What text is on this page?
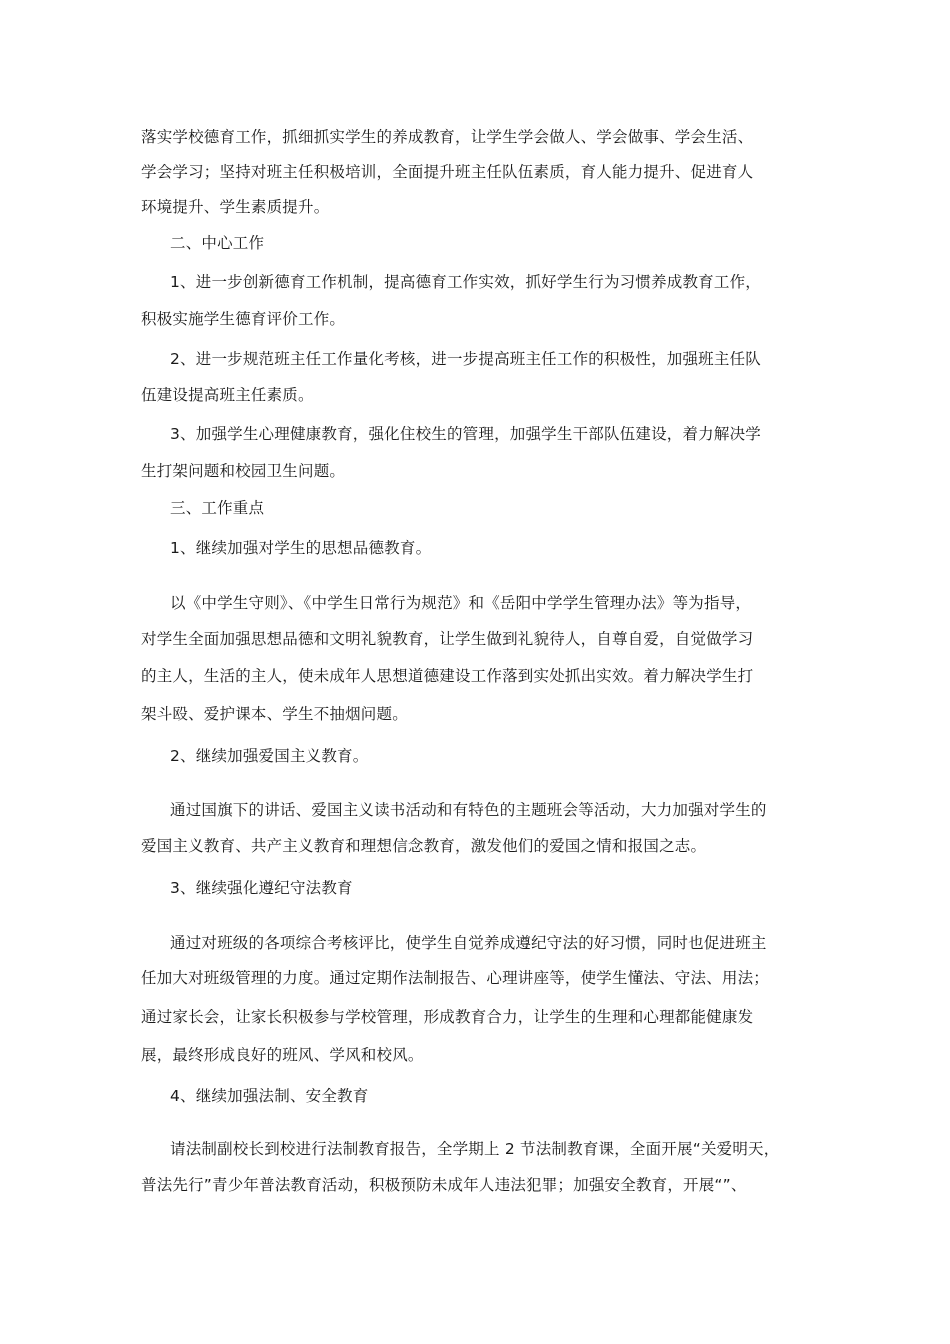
落实学校德育工作，抓细抓实学生的养成教育，让学生学会做人、学会做事、学会生活、
学会学习；坚持对班主任积极培训，全面提升班主任队伍素质，育人能力提升、促进育人
环境提升、学生素质提升。
二、中心工作
1、进一步创新德育工作机制，提高德育工作实效，抓好学生行为习惯养成教育工作，
积极实施学生德育评价工作。
2、进一步规范班主任工作量化考核，进一步提高班主任工作的积极性，加强班主任队
伍建设提高班主任素质。
3、加强学生心理健康教育，强化住校生的管理，加强学生干部队伍建设，着力解决学
生打架问题和校园卫生问题。
三、工作重点
1、继续加强对学生的思想品德教育。
以《中学生守则》、《中学生日常行为规范》和《岳阳中学学生管理办法》等为指导，
对学生全面加强思想品德和文明礼貌教育，让学生做到礼貌待人，自尊自爱，自觉做学习
的主人，生活的主人，使未成年人思想道德建设工作落到实处抓出实效。着力解决学生打
架斗殴、爱护课本、学生不抽烟问题。
2、继续加强爱国主义教育。
通过国旗下的讲话、爱国主义读书活动和有特色的主题班会等活动，大力加强对学生的
爱国主义教育、共产主义教育和理想信念教育，激发他们的爱国之情和报国之志。
3、继续强化遵纪守法教育
通过对班级的各项综合考核评比，使学生自觉养成遵纪守法的好习惯，同时也促进班主
任加大对班级管理的力度。通过定期作法制报告、心理讲座等，使学生懂法、守法、用法；
通过家长会，让家长积极参与学校管理，形成教育合力，让学生的生理和心理都能健康发
展，最终形成良好的班风、学风和校风。
4、继续加强法制、安全教育
请法制副校长到校进行法制教育报告，全学期上 2 节法制教育课，全面开展“关爱明天，
普法先行”青少年普法教育活动，积极预防未成年人违法犯罪；加强安全教育，开展“”、
